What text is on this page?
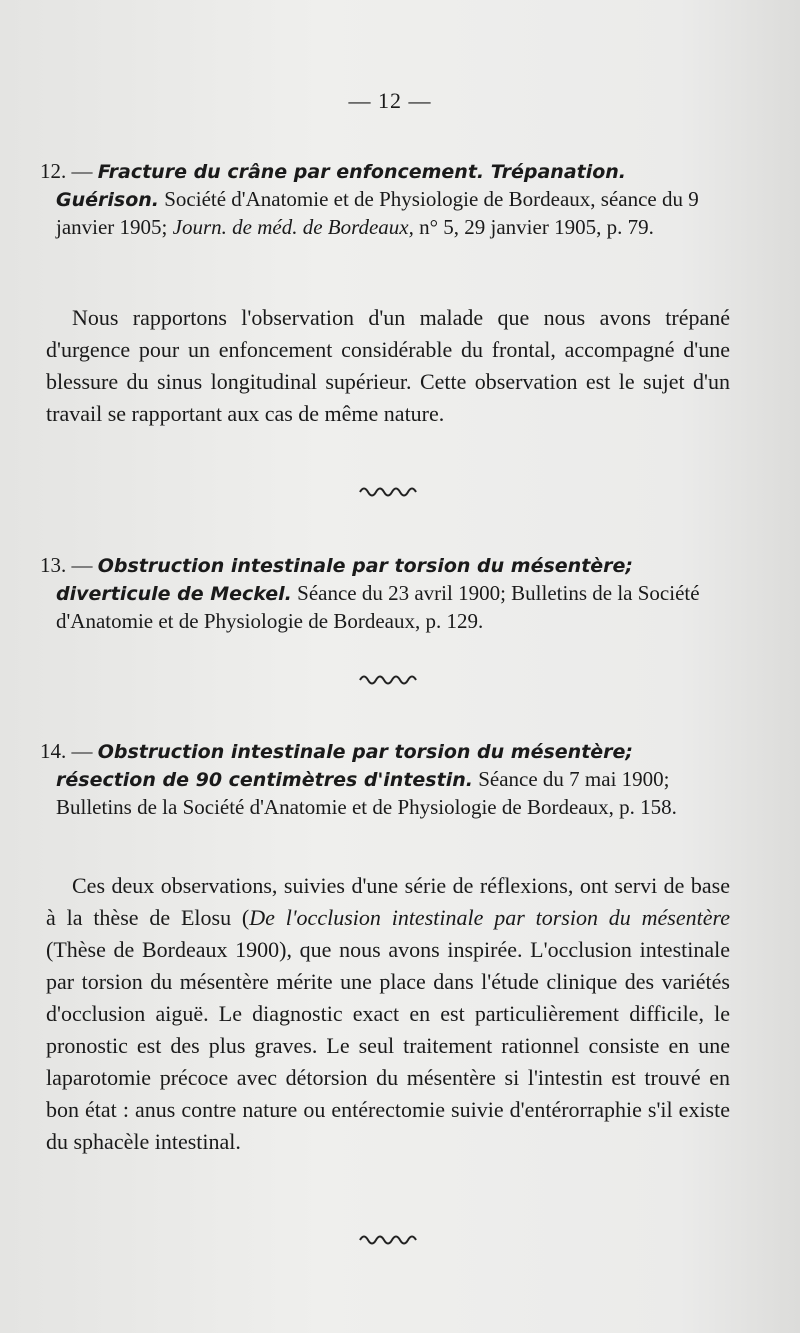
— 12 —
12. — Fracture du crâne par enfoncement. Trépanation. Guérison. Société d'Anatomie et de Physiologie de Bordeaux, séance du 9 janvier 1905; Journ. de méd. de Bordeaux, n° 5, 29 janvier 1905, p. 79.

Nous rapportons l'observation d'un malade que nous avons trépané d'urgence pour un enfoncement considérable du frontal, accompagné d'une blessure du sinus longitudinal supérieur. Cette observation est le sujet d'un travail se rapportant aux cas de même nature.

13. — Obstruction intestinale par torsion du mésentère; diverticule de Meckel. Séance du 23 avril 1900; Bulletins de la Société d'Anatomie et de Physiologie de Bordeaux, p. 129.
14. — Obstruction intestinale par torsion du mésentère; résection de 90 centimètres d'intestin. Séance du 7 mai 1900; Bulletins de la Société d'Anatomie et de Physiologie de Bordeaux, p. 158.

Ces deux observations, suivies d'une série de réflexions, ont servi de base à la thèse de Elosu (De l'occlusion intestinale par torsion du mésentère (Thèse de Bordeaux 1900), que nous avons inspirée. L'occlusion intestinale par torsion du mésentère mérite une place dans l'étude clinique des variétés d'occlusion aiguë. Le diagnostic exact en est particulièrement difficile, le pronostic est des plus graves. Le seul traitement rationnel consiste en une laparotomie précoce avec détorsion du mésentère si l'intestin est trouvé en bon état : anus contre nature ou entérectomie suivie d'entérorraphie s'il existe du sphacèle intestinal.
